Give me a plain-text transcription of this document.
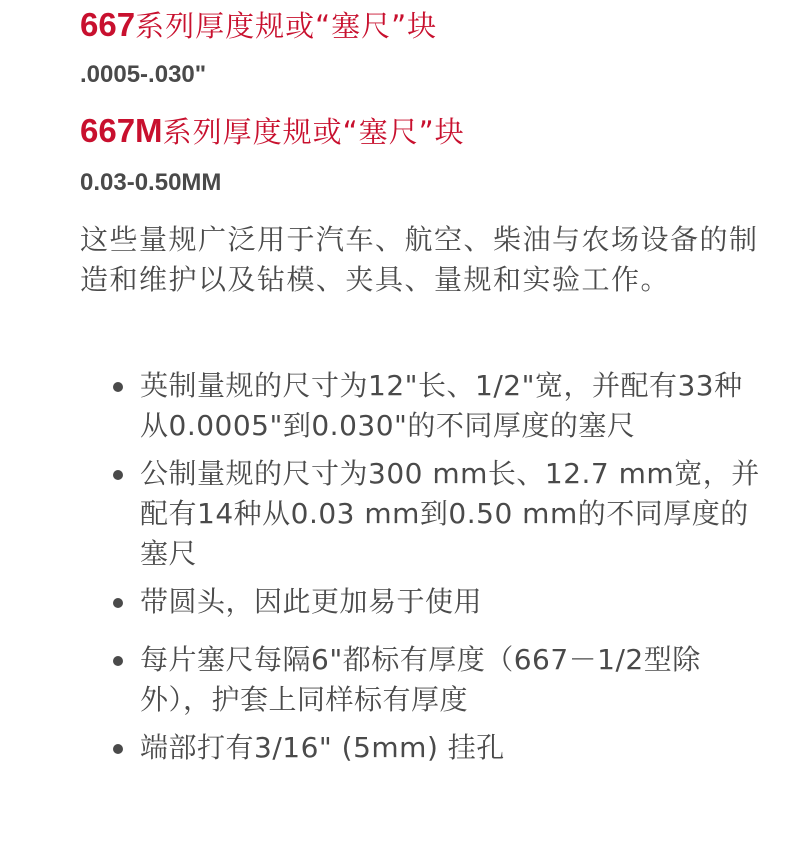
667系列厚度规或“塞尺”块

.0005-.030"

667M系列厚度规或“塞尺”块

0.03-0.50MM

这些量规广泛用于汽车、航空、柴油与农场设备的制造和维护以及钻模、夹具、量规和实验工作。

英制量规的尺寸为12"长、1/2"宽，并配有33种从0.0005"到0.030"的不同厚度的塞尺
公制量规的尺寸为300 mm长、12.7 mm宽，并配有14种从0.03 mm到0.50 mm的不同厚度的塞尺
带圆头，因此更加易于使用
每片塞尺每隔6"都标有厚度（667－1/2型除外），护套上同样标有厚度
端部打有3/16" (5mm) 挂孔
